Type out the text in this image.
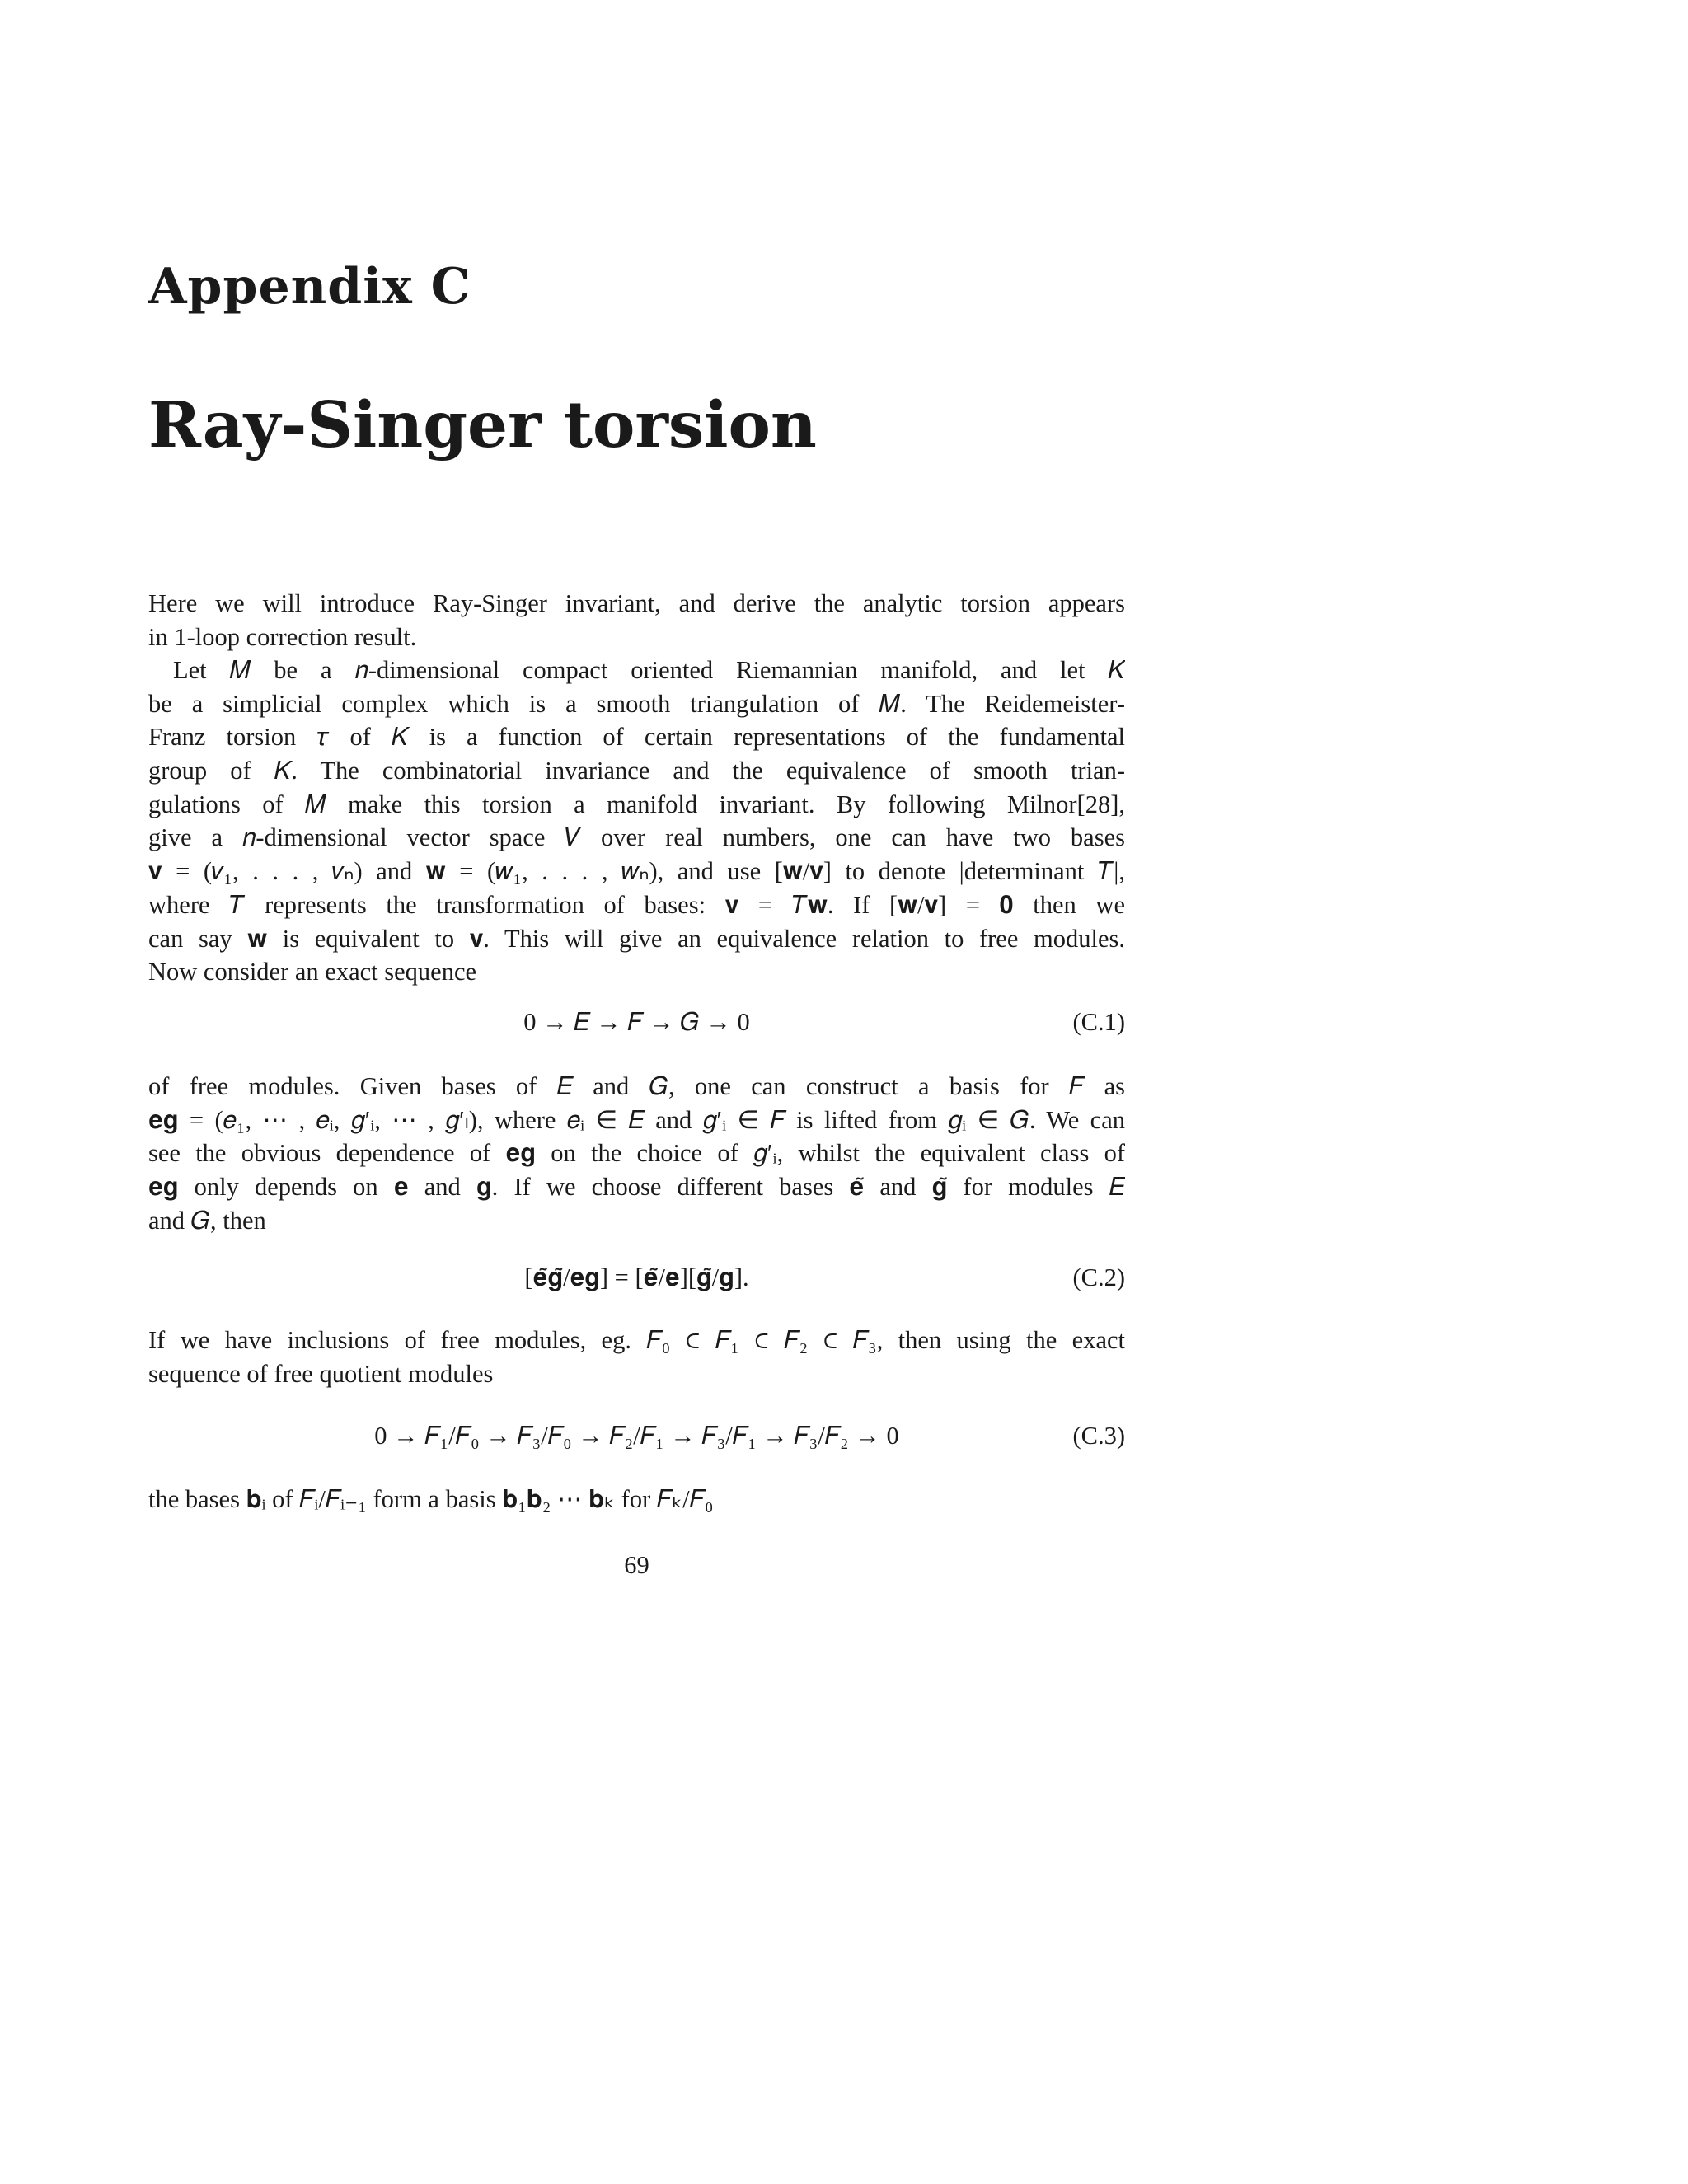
Appendix C
Ray-Singer torsion
Here we will introduce Ray-Singer invariant, and derive the analytic torsion appears
in 1-loop correction result.
Let 𝑀 be a 𝑛-dimensional compact oriented Riemannian manifold, and let 𝐾
be a simplicial complex which is a smooth triangulation of 𝑀. The Reidemeister-
Franz torsion 𝜏 of 𝐾 is a function of certain representations of the fundamental
group of 𝐾. The combinatorial invariance and the equivalence of smooth trian-
gulations of 𝑀 make this torsion a manifold invariant. By following Milnor[28],
give a 𝑛-dimensional vector space 𝑉 over real numbers, one can have two bases
𝐯 = (𝑣₁, . . . , 𝑣ₙ) and 𝐰 = (𝑤₁, . . . , 𝑤ₙ), and use [𝐰/𝐯] to denote |determinant 𝑇|,
where 𝑇 represents the transformation of bases: 𝐯 = 𝑇𝐰. If [𝐰/𝐯] = 𝟎 then we
can say 𝐰 is equivalent to 𝐯. This will give an equivalence relation to free modules.
Now consider an exact sequence
0 → 𝐸 → 𝐹 → 𝐺 → 0	(C.1)
of free modules. Given bases of 𝐸 and 𝐺, one can construct a basis for 𝐹 as
𝐞𝐠 = (𝑒₁, ⋯ , 𝑒ᵢ, 𝑔′ᵢ, ⋯ , 𝑔′ₗ), where 𝑒ᵢ ∈ 𝐸 and 𝑔′ᵢ ∈ 𝐹 is lifted from 𝑔ᵢ ∈ 𝐺. We can
see the obvious dependence of 𝐞𝐠 on the choice of 𝑔′ᵢ, whilst the equivalent class of
𝐞𝐠 only depends on 𝐞 and 𝐠. If we choose different bases 𝐞̃ and 𝐠̃ for modules 𝐸
and 𝐺, then
[𝐞̃𝐠̃/𝐞𝐠] = [𝐞̃/𝐞][𝐠̃/𝐠].	(C.2)
If we have inclusions of free modules, eg. 𝐹₀ ⊂ 𝐹₁ ⊂ 𝐹₂ ⊂ 𝐹₃, then using the exact
sequence of free quotient modules
0 → 𝐹₁/𝐹₀ → 𝐹₃/𝐹₀ → 𝐹₂/𝐹₁ → 𝐹₃/𝐹₁ → 𝐹₃/𝐹₂ → 0	(C.3)
the bases 𝐛ᵢ of 𝐹ᵢ/𝐹ᵢ₋₁ form a basis 𝐛₁𝐛₂ ⋯ 𝐛ₖ for 𝐹ₖ/𝐹₀
69
